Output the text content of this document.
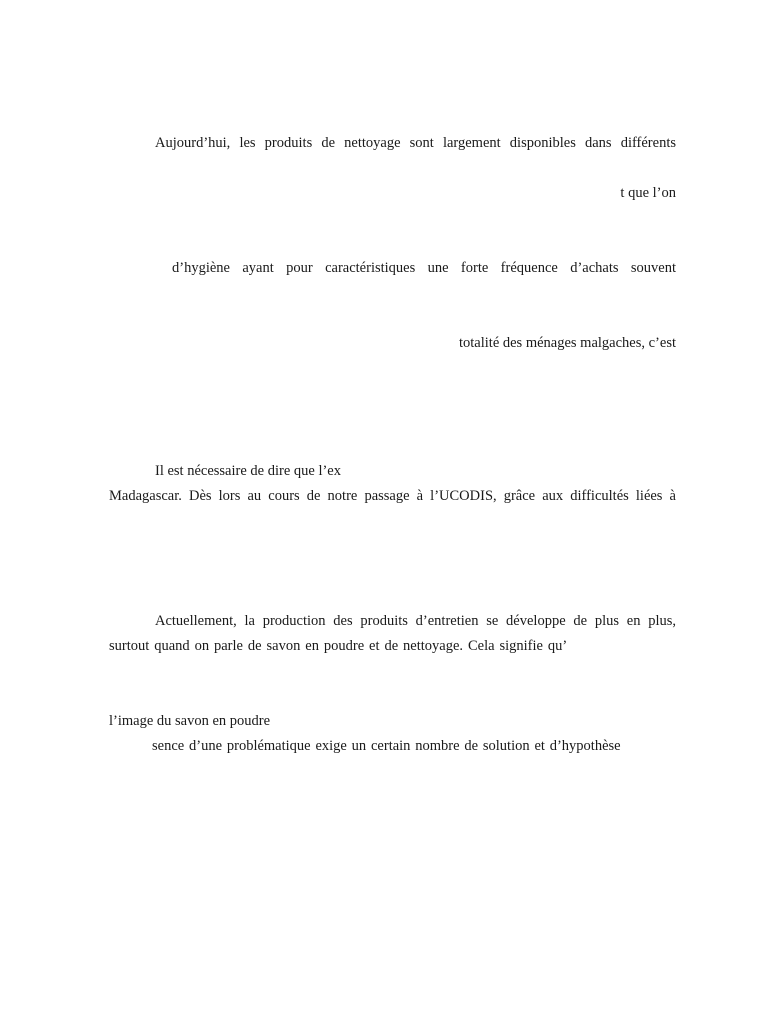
Aujourd’hui, les produits de nettoyage sont largement disponibles dans différents
t que l’on
d’hygiène ayant pour caractéristiques une forte fréquence d’achats souvent
totalité des ménages malgaches, c’est
Il est nécessaire de dire que l’ex
Madagascar. Dès lors au cours de notre passage à l’UCODIS, grâce aux difficultés liées à
Actuellement, la production des produits d’entretien se développe de plus en plus,
surtout quand on parle de savon en poudre et de nettoyage. Cela signifie qu’
l’image du savon en poudre
sence d’une problématique exige un certain nombre de solution et d’hypothèse
